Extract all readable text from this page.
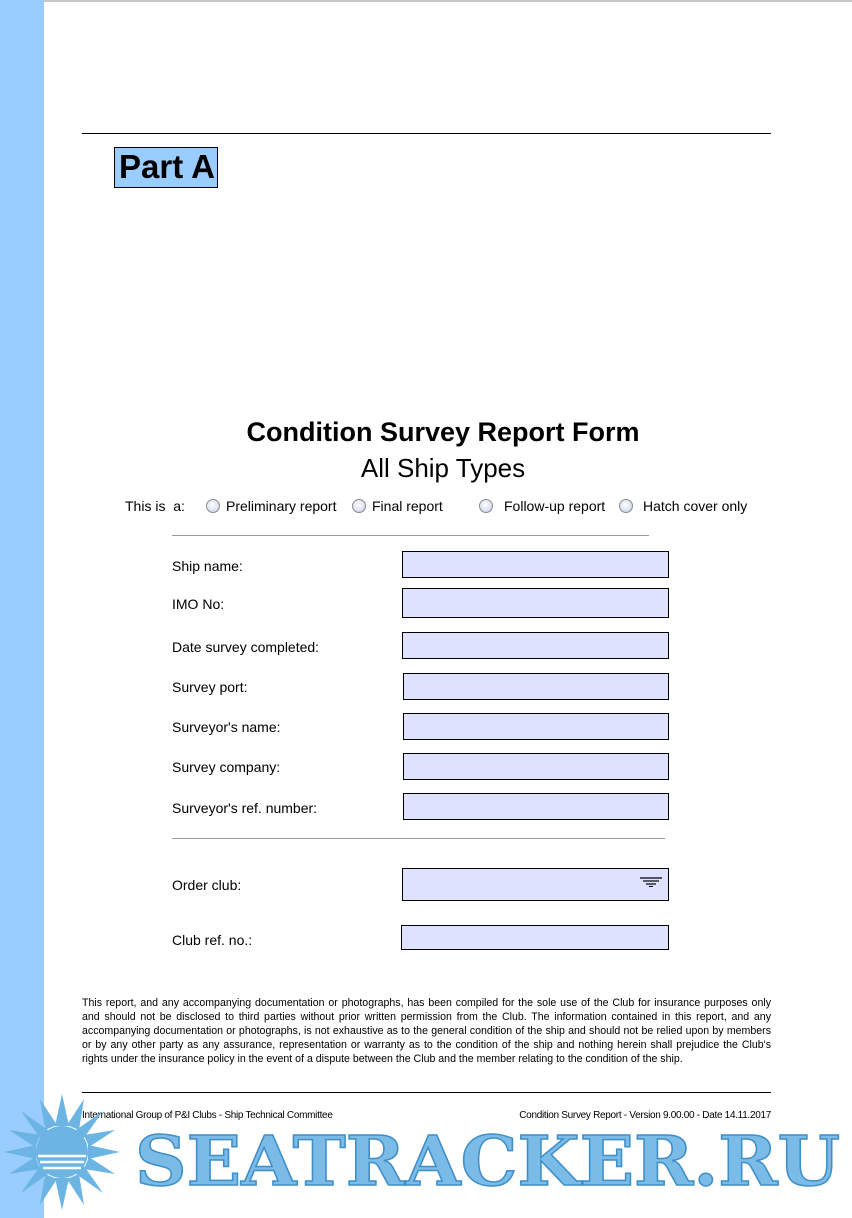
Part A
Condition Survey Report Form
All Ship Types
This is  a:	Preliminary report	Final report	Follow-up report	Hatch cover only
Ship name:
IMO No:
Date survey completed:
Survey port:
Surveyor's name:
Survey company:
Surveyor's ref. number:
Order club:
Club ref. no.:
This report, and any accompanying documentation or photographs, has been compiled for the sole use of the Club for insurance purposes only and should not be disclosed to third parties without prior written permission from the Club. The information contained in this report, and any accompanying documentation or photographs, is not exhaustive as to the general condition of the ship and should not be relied upon by members or by any other party as any assurance, representation or warranty as to the condition of the ship and nothing herein shall prejudice the Club's rights under the insurance policy in the event of a dispute between the Club and the member relating to the condition of the ship.
International Group of P&I Clubs - Ship Technical Committee	Condition Survey Report - Version 9.00.00 - Date 14.11.2017
SEATRACKER.RU
